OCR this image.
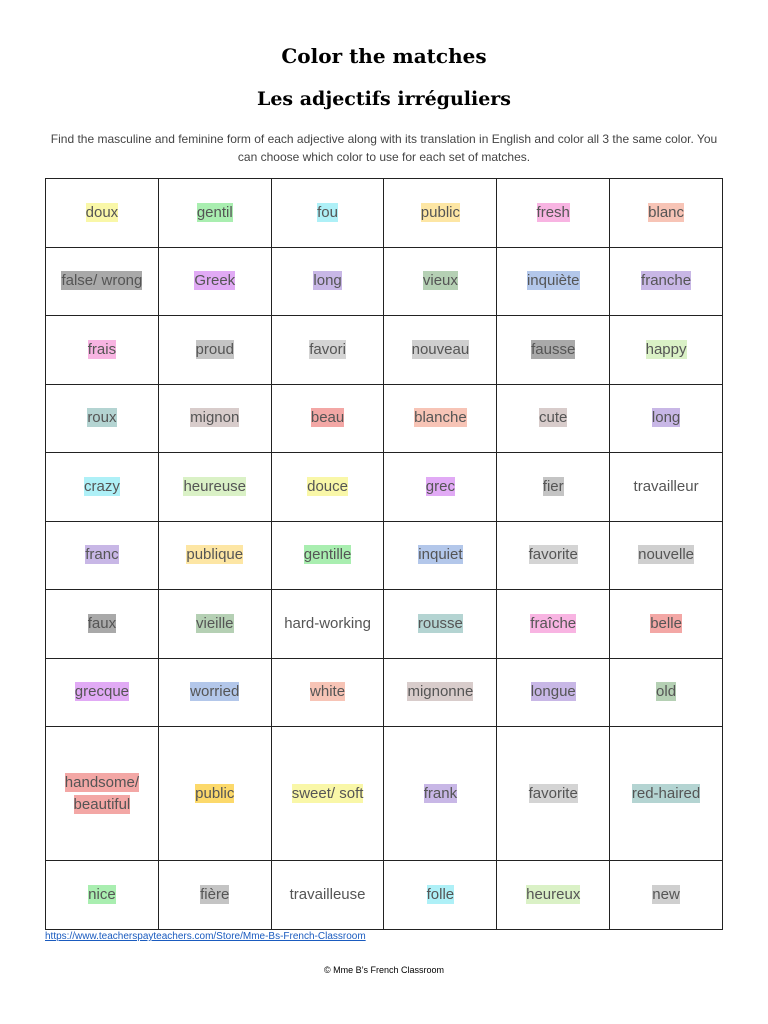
Color the matches
Les adjectifs irréguliers
Find the masculine and feminine form of each adjective along with its translation in English and color all 3 the same color. You can choose which color to use for each set of matches.
doux	gentil	fou	public	fresh	blanc
false/ wrong	Greek	long	vieux	inquiète	franche
frais	proud	favori	nouveau	fausse	happy
roux	mignon	beau	blanche	cute	long
crazy	heureuse	douce	grec	fier	travailleur
franc	publique	gentille	inquiet	favorite	nouvelle
faux	vieille	hard-working	rousse	fraîche	belle
grecque	worried	white	mignonne	longue	old
handsome/ beautiful	public	sweet/ soft	frank	favorite	red-haired
nice	fière	travailleuse	folle	heureux	new
https://www.teacherspayteachers.com/Store/Mme-Bs-French-Classroom
© Mme B’s French Classroom
